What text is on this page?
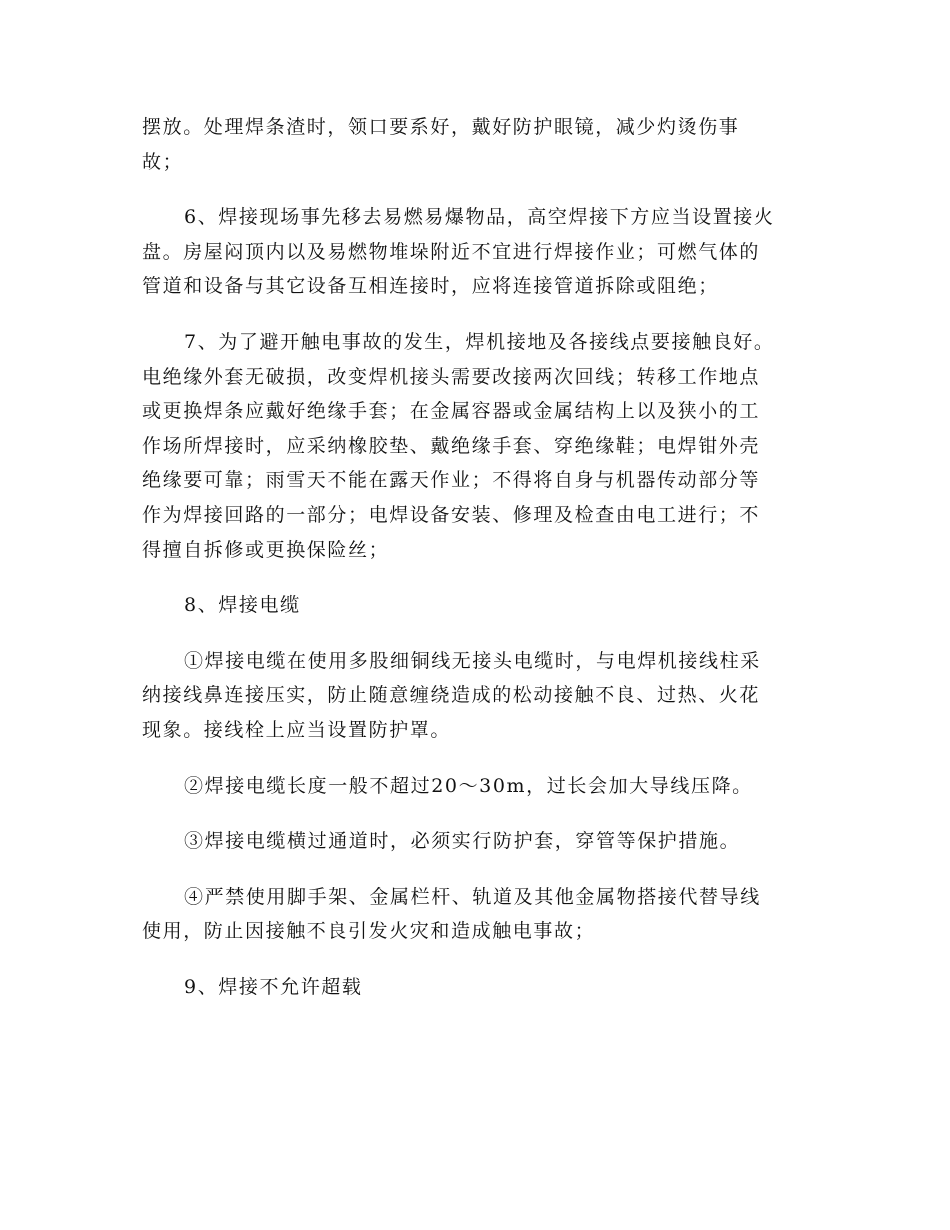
摆放。处理焊条渣时，领口要系好，戴好防护眼镜，减少灼烫伤事
故；

6、焊接现场事先移去易燃易爆物品，高空焊接下方应当设置接火
盘。房屋闷顶内以及易燃物堆垛附近不宜进行焊接作业；可燃气体的
管道和设备与其它设备互相连接时，应将连接管道拆除或阻绝；

7、为了避开触电事故的发生，焊机接地及各接线点要接触良好。
电绝缘外套无破损，改变焊机接头需要改接两次回线；转移工作地点
或更换焊条应戴好绝缘手套；在金属容器或金属结构上以及狭小的工
作场所焊接时，应采纳橡胶垫、戴绝缘手套、穿绝缘鞋；电焊钳外壳
绝缘要可靠；雨雪天不能在露天作业；不得将自身与机器传动部分等
作为焊接回路的一部分；电焊设备安装、修理及检查由电工进行；不
得擅自拆修或更换保险丝；

8、焊接电缆

①焊接电缆在使用多股细铜线无接头电缆时，与电焊机接线柱采
纳接线鼻连接压实，防止随意缠绕造成的松动接触不良、过热、火花
现象。接线栓上应当设置防护罩。

②焊接电缆长度一般不超过20～30m，过长会加大导线压降。

③焊接电缆横过通道时，必须实行防护套，穿管等保护措施。

④严禁使用脚手架、金属栏杆、轨道及其他金属物搭接代替导线
使用，防止因接触不良引发火灾和造成触电事故；

9、焊接不允许超载
